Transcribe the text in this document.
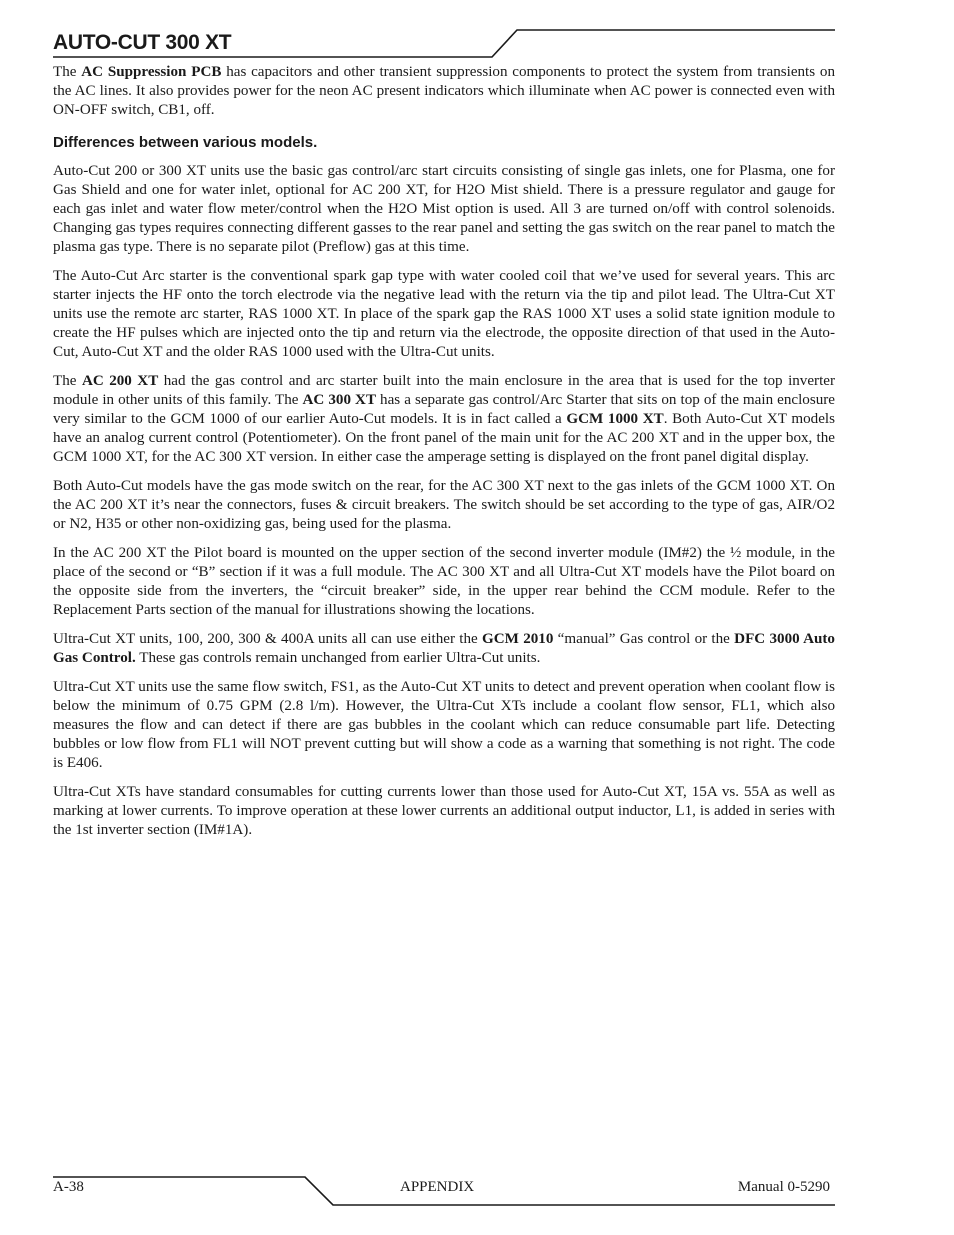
AUTO-CUT 300 XT

The AC Suppression PCB has capacitors and other transient suppression components to protect the system from transients on the AC lines. It also provides power for the neon AC present indicators which illuminate when AC power is connected even with ON-OFF switch, CB1, off.

Differences between various models.

Auto-Cut 200 or 300 XT units use the basic gas control/arc start circuits consisting of single gas inlets, one for Plasma, one for Gas Shield and one for water inlet, optional for AC 200 XT, for H2O Mist shield. There is a pressure regulator and gauge for each gas inlet and water flow meter/control when the H2O Mist option is used. All 3 are turned on/off with control solenoids. Changing gas types requires connecting different gasses to the rear panel and setting the gas switch on the rear panel to match the plasma gas type. There is no separate pilot (Preflow) gas at this time.

The Auto-Cut Arc starter is the conventional spark gap type with water cooled coil that we’ve used for several years. This arc starter injects the HF onto the torch electrode via the negative lead with the return via the tip and pilot lead. The Ultra-Cut XT units use the remote arc starter, RAS 1000 XT. In place of the spark gap the RAS 1000 XT uses a solid state ignition module to create the HF pulses which are injected onto the tip and return via the electrode, the opposite direction of that used in the Auto-Cut, Auto-Cut XT and the older RAS 1000 used with the Ultra-Cut units.

The AC 200 XT had the gas control and arc starter built into the main enclosure in the area that is used for the top inverter module in other units of this family. The AC 300 XT has a separate gas control/Arc Starter that sits on top of the main enclosure very similar to the GCM 1000 of our earlier Auto-Cut models. It is in fact called a GCM 1000 XT. Both Auto-Cut XT models have an analog current control (Potentiometer). On the front panel of the main unit for the AC 200 XT and in the upper box, the GCM 1000 XT, for the AC 300 XT version. In either case the amperage setting is displayed on the front panel digital display.

Both Auto-Cut models have the gas mode switch on the rear, for the AC 300 XT next to the gas inlets of the GCM 1000 XT. On the AC 200 XT it’s near the connectors, fuses & circuit breakers. The switch should be set according to the type of gas, AIR/O2 or N2, H35 or other non-oxidizing gas, being used for the plasma.

In the AC 200 XT the Pilot board is mounted on the upper section of the second inverter module (IM#2) the ½ module, in the place of the second or “B” section if it was a full module. The AC 300 XT and all Ultra-Cut XT models have the Pilot board on the opposite side from the inverters, the “circuit breaker” side, in the upper rear behind the CCM module. Refer to the Replacement Parts section of the manual for illustrations showing the locations.

Ultra-Cut XT units, 100, 200, 300 & 400A units all can use either the GCM 2010 “manual” Gas control or the DFC 3000 Auto Gas Control. These gas controls remain unchanged from earlier Ultra-Cut units.

Ultra-Cut XT units use the same flow switch, FS1, as the Auto-Cut XT units to detect and prevent operation when coolant flow is below the minimum of 0.75 GPM (2.8 l/m). However, the Ultra-Cut XTs include a coolant flow sensor, FL1, which also measures the flow and can detect if there are gas bubbles in the coolant which can reduce consumable part life. Detecting bubbles or low flow from FL1 will NOT prevent cutting but will show a code as a warning that something is not right. The code is E406.

Ultra-Cut XTs have standard consumables for cutting currents lower than those used for Auto-Cut XT, 15A vs. 55A as well as marking at lower currents. To improve operation at these lower currents an additional output inductor, L1, is added in series with the 1st inverter section (IM#1A).

A-38	APPENDIX	Manual 0-5290
